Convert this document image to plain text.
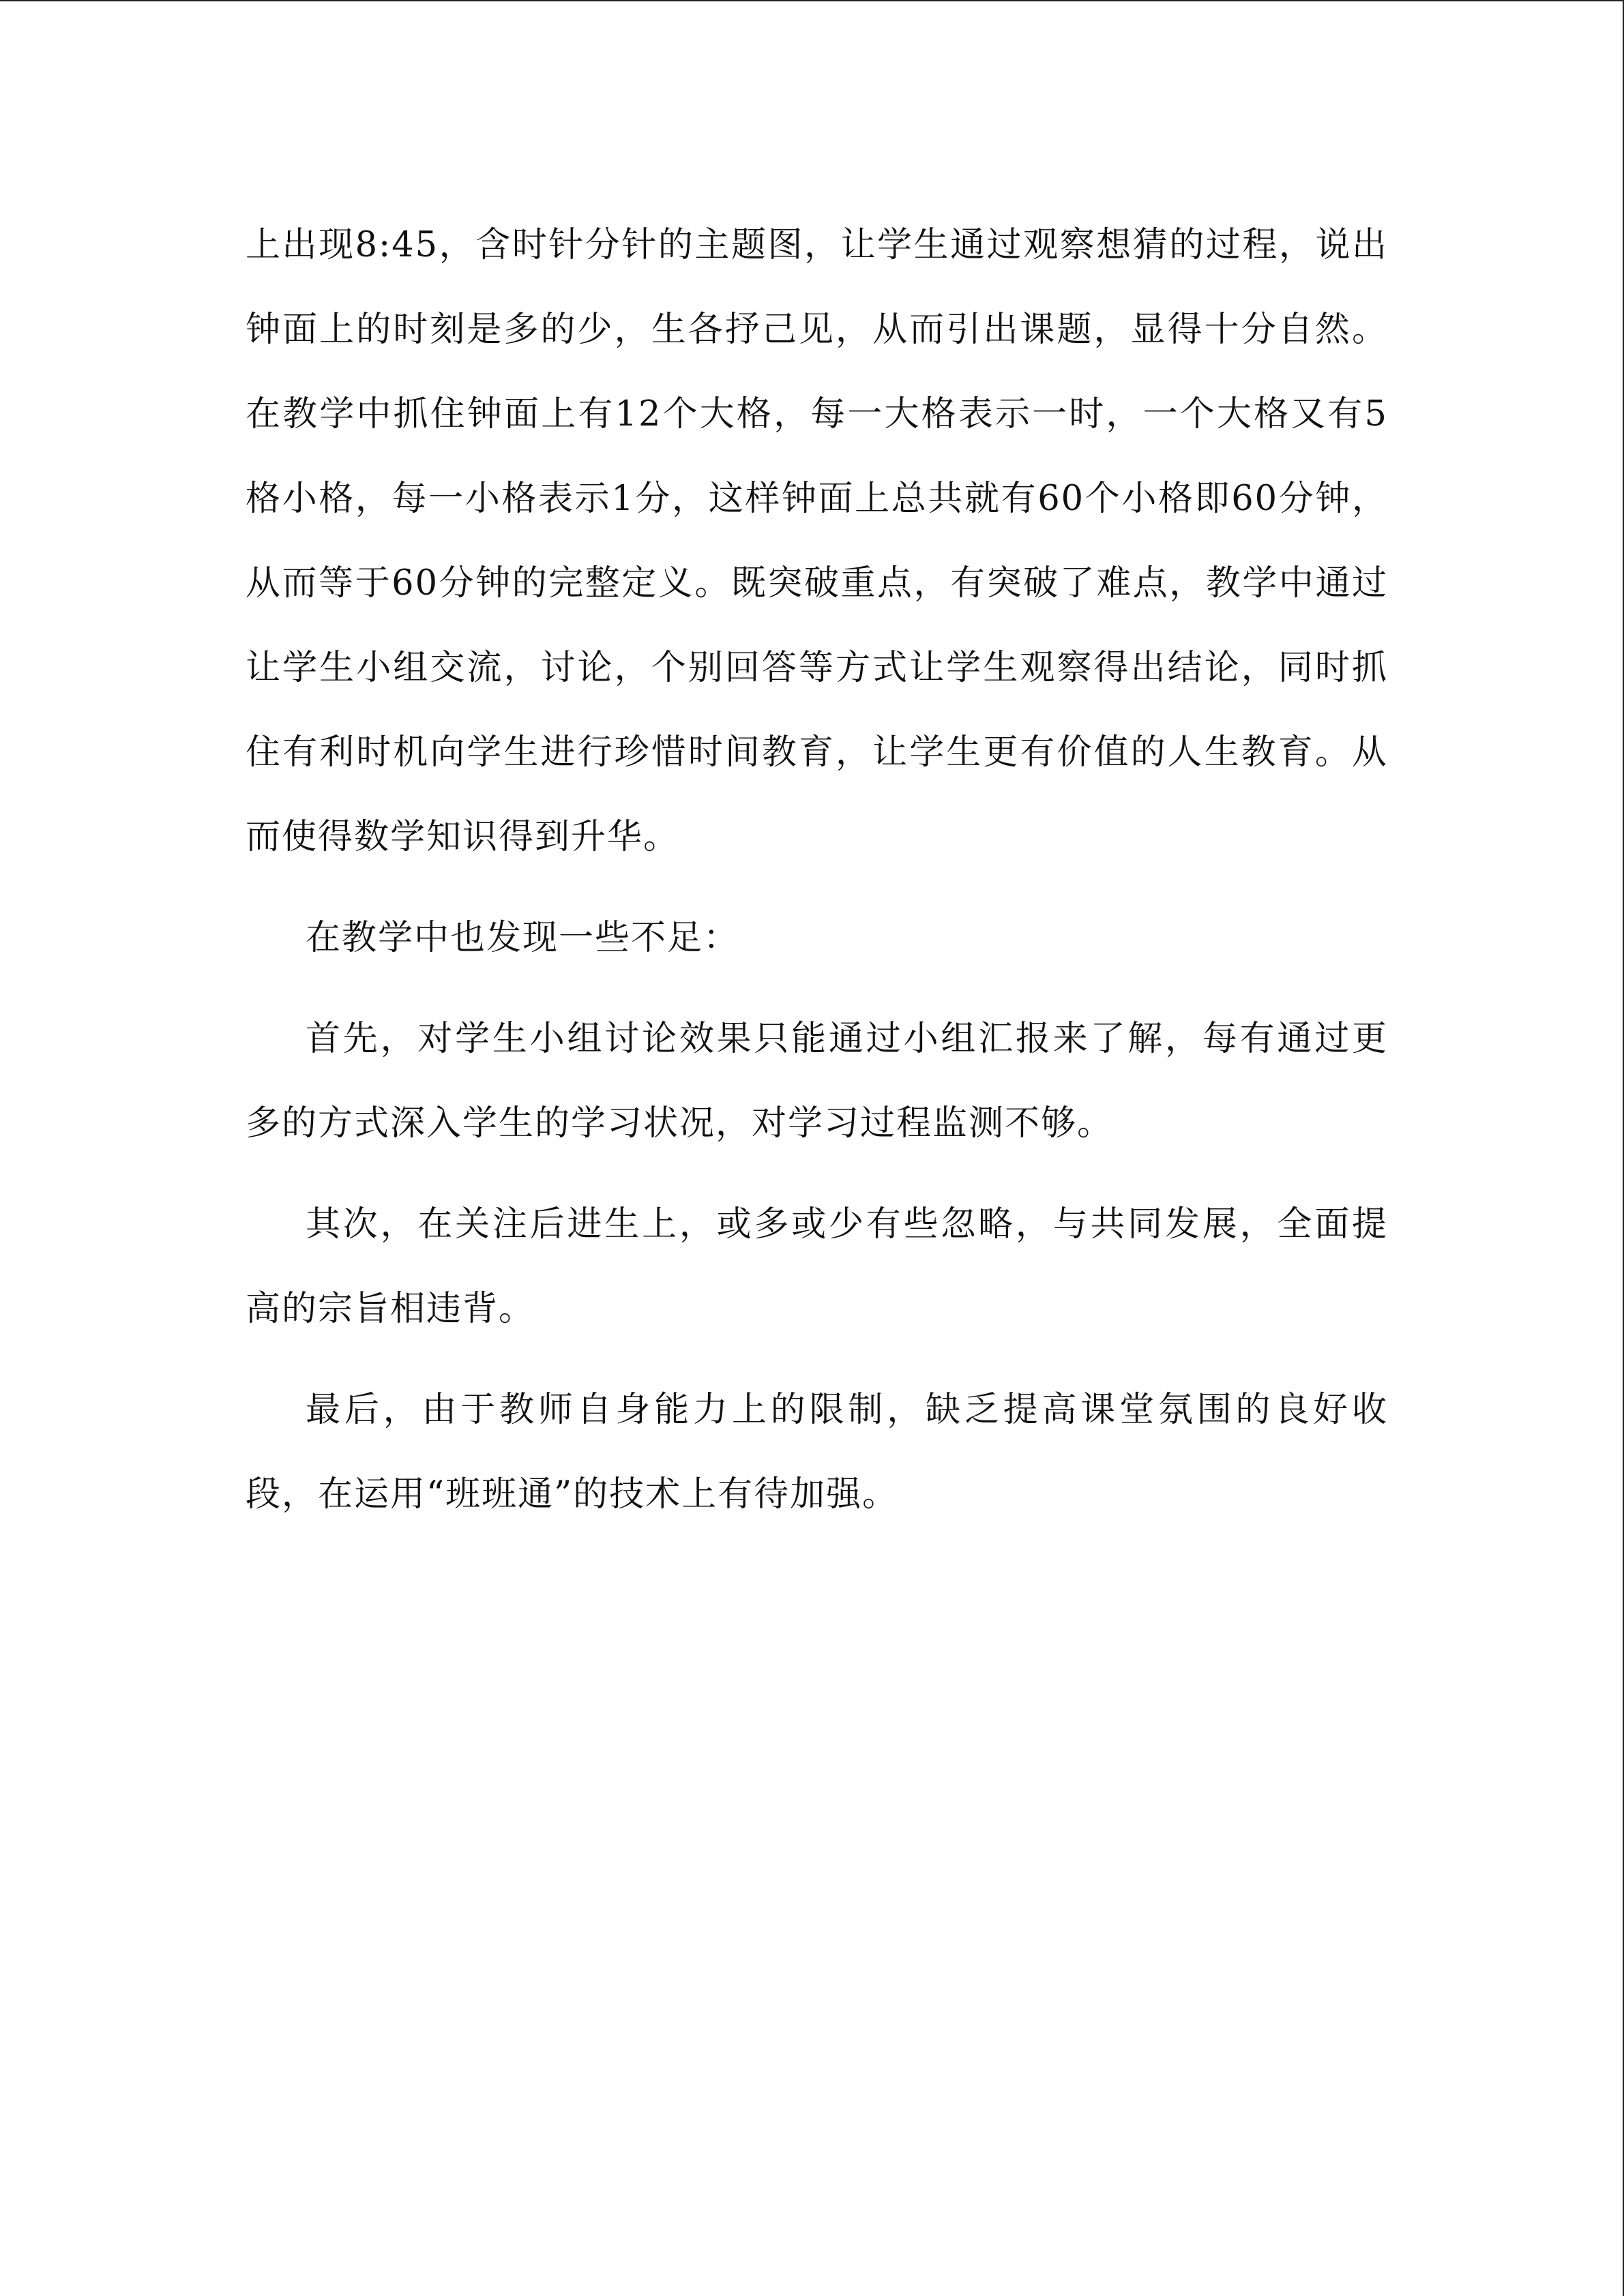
上出现8:45，含时针分针的主题图，让学生通过观察想猜的过程，说出钟面上的时刻是多的少，生各抒己见，从而引出课题，显得十分自然。在教学中抓住钟面上有12个大格，每一大格表示一时，一个大格又有5格小格，每一小格表示1分，这样钟面上总共就有60个小格即60分钟，从而等于60分钟的完整定义。既突破重点，有突破了难点，教学中通过让学生小组交流，讨论，个别回答等方式让学生观察得出结论，同时抓住有利时机向学生进行珍惜时间教育，让学生更有价值的人生教育。从而使得数学知识得到升华。

在教学中也发现一些不足：

首先，对学生小组讨论效果只能通过小组汇报来了解，每有通过更多的方式深入学生的学习状况，对学习过程监测不够。

其次，在关注后进生上，或多或少有些忽略，与共同发展，全面提高的宗旨相违背。

最后，由于教师自身能力上的限制，缺乏提高课堂氛围的良好收段，在运用“班班通”的技术上有待加强。
